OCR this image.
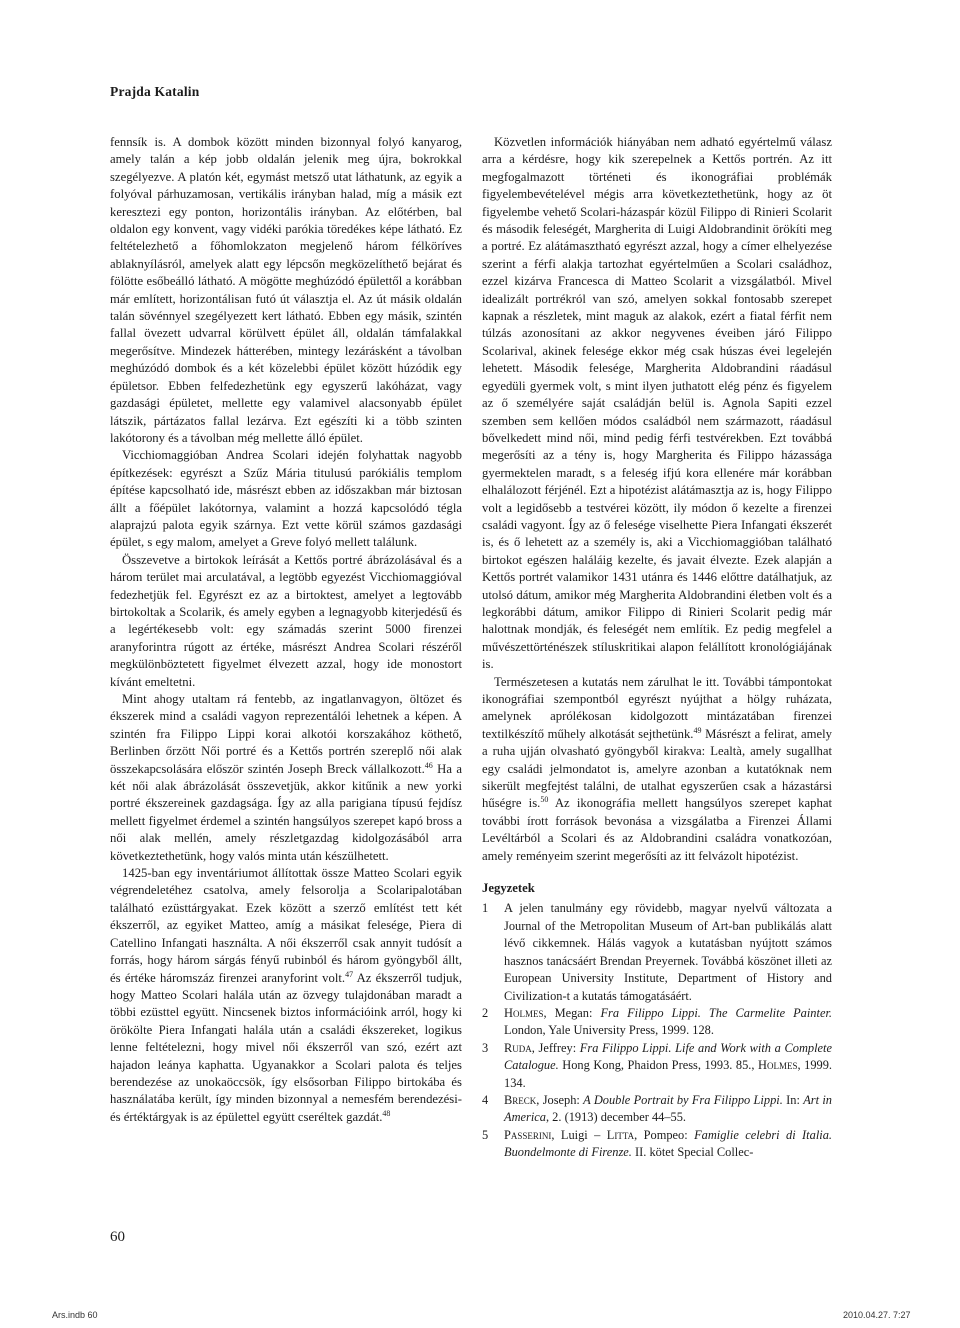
Prajda Katalin

fennsík is. A dombok között minden bizonnyal folyó kanyarog, amely talán a kép jobb oldalán jelenik meg újra, bokrokkal szegélyezve. A platón két, egymást metsző utat láthatunk, az egyik a folyóval párhuzamosan, vertikális irányban halad, míg a másik ezt keresztezi egy ponton, horizontális irányban. Az előtérben, bal oldalon egy konvent, vagy vidéki parókia töredékes képe látható. Ez feltételezhető a főhomlokzaton megjelenő három félköríves ablaknyílásról, amelyek alatt egy lépcsőn megközelíthető bejárat és fölötte esőbeálló látható. A mögötte meghúzódó épülettől a korábban már említett, horizontálisan futó út választja el. Az út másik oldalán talán sövénnyel szegélyezett kert látható. Ebben egy másik, szintén fallal övezett udvarral körülvett épület áll, oldalán támfalakkal megerősítve. Mindezek hátterében, mintegy lezárásként a távolban meghúzódó dombok és a két közelebbi épület között húzódik egy épületsor. Ebben felfedezhetünk egy egyszerű lakóházat, vagy gazdasági épületet, mellette egy valamivel alacsonyabb épület látszik, pártázatos fallal lezárva. Ezt egészíti ki a több szinten lakótorony és a távolban még mellette álló épület.

Vicchiomaggióban Andrea Scolari idején folyhattak nagyobb építkezések: egyrészt a Szűz Mária titulusú parókiális templom építése kapcsolható ide, másrészt ebben az időszakban már biztosan állt a főépület lakótornya, valamint a hozzá kapcsolódó tégla alaprajzú palota egyik szárnya. Ezt vette körül számos gazdasági épület, s egy malom, amelyet a Greve folyó mellett találunk.

Összevetve a birtokok leírását a Kettős portré ábrázolásával és a három terület mai arculatával, a legtöbb egyezést Vicchiomaggióval fedezhetjük fel. Egyrészt ez az a birtoktest, amelyet a legtovább birtokoltak a Scolarik, és amely egyben a legnagyobb kiterjedésű és a legértékesebb volt: egy számadás szerint 5000 firenzei aranyforintra rúgott az értéke, másrészt Andrea Scolari részéről megkülönböztetett figyelmet élvezett azzal, hogy ide monostort kívánt emeltetni.

Mint ahogy utaltam rá fentebb, az ingatlanvagyon, öltözet és ékszerek mind a családi vagyon reprezentálói lehetnek a képen. A szintén fra Filippo Lippi korai alkotói korszakához köthető, Berlinben őrzött Női portré és a Kettős portrén szereplő női alak összekapcsolására először szintén Joseph Breck vállalkozott.$^{46}$ Ha a két női alak ábrázolását összevetjük, akkor kitűnik a new yorki portré ékszereinek gazdagsága. Így az alla parigiana típusú fejdísz mellett figyelmet érdemel a szintén hangsúlyos szerepet kapó bross a női alak mellén, amely részletgazdag kidolgozásából arra következtethetünk, hogy valós minta után készülhetett.

1425-ban egy inventáriumot állítottak össze Matteo Scolari egyik végrendeletéhez csatolva, amely felsorolja a Scolaripalotában található ezüsttárgyakat. Ezek között a szerző említést tett két ékszerről, az egyiket Matteo, amíg a másikat felesége, Piera di Catellino Infangati használta. A női ékszerről csak annyit tudósít a forrás, hogy három sárgás fényű rubinból és három gyöngyből állt, és értéke háromszáz firenzei aranyforint volt.$^{47}$ Az ékszerről tudjuk, hogy Matteo Scolari halála után az özvegy tulajdonában maradt a többi ezüsttel együtt. Nincsenek biztos információink arról, hogy ki örökölte Piera Infangati halála után a családi ékszereket, logikus lenne feltételezni, hogy mivel női ékszerről van szó, ezért azt hajadon leánya kaphatta. Ugyanakkor a Scolari palota és teljes berendezése az unokaöccsök, így elsősorban Filippo birtokába és használatába került, így minden bizonnyal a nemesfém berendezési- és értéktárgyak is az épülettel együtt cseréltek gazdát.$^{48}$

Közvetlen információk hiányában nem adható egyértelmű válasz arra a kérdésre, hogy kik szerepelnek a Kettős portrén. Az itt megfogalmazott történeti és ikonográfiai problémák figyelembevételével mégis arra következtethetünk, hogy az öt figyelembe vehető Scolari-házaspár közül Filippo di Rinieri Scolarit és második feleségét, Margherita di Luigi Aldobrandinit örökíti meg a portré. Ez alátámasztható egyrészt azzal, hogy a címer elhelyezése szerint a férfi alakja tartozhat egyértelműen a Scolari családhoz, ezzel kizárva Francesca di Matteo Scolarit a vizsgálatból. Mivel idealizált portrékról van szó, amelyen sokkal fontosabb szerepet kapnak a részletek, mint maguk az alakok, ezért a fiatal férfit nem túlzás azonosítani az akkor negyvenes éveiben járó Filippo Scolarival, akinek felesége ekkor még csak húszas évei legelején lehetett. Második felesége, Margherita Aldobrandini ráadásul egyedüli gyermek volt, s mint ilyen juthatott elég pénz és figyelem az ő személyére saját családján belül is. Agnola Sapiti ezzel szemben sem kellően módos családból nem származott, ráadásul bővelkedett mind női, mind pedig férfi testvérekben. Ezt továbbá megerősíti az a tény is, hogy Margherita és Filippo házassága gyermektelen maradt, s a feleség ifjú kora ellenére már korábban elhalálozott férjénél. Ezt a hipotézist alátámasztja az is, hogy Filippo volt a legidősebb a testvérei között, ily módon ő kezelte a firenzei családi vagyont. Így az ő felesége viselhette Piera Infangati ékszerét is, és ő lehetett az a személy is, aki a Vicchiomaggióban található birtokot egészen haláláig kezelte, és javait élvezte. Ezek alapján a Kettős portrét valamikor 1431 utánra és 1446 előttre datálhatjuk, az utolsó dátum, amikor még Margherita Aldobrandini életben volt és a legkorábbi dátum, amikor Filippo di Rinieri Scolarit pedig már halottnak mondják, és feleségét nem említik. Ez pedig megfelel a művészettörténészek stíluskritikai alapon felállított kronológiájának is.

Természetesen a kutatás nem zárulhat le itt. További támpontokat ikonográfiai szempontból egyrészt nyújthat a hölgy ruházata, amelynek aprólékosan kidolgozott mintázatában firenzei textilkészítő műhely alkotását sejthetünk.$^{49}$ Másrészt a felirat, amely a ruha ujján olvasható gyöngyből kirakva: Lealtà, amely sugallhat egy családi jelmondatot is, amelyre azonban a kutatóknak nem sikerült megfejtést találni, de utalhat egyszerűen csak a házastársi hűségre is.$^{50}$ Az ikonográfia mellett hangsúlyos szerepet kaphat további írott források bevonása a vizsgálatba a Firenzei Állami Levéltárból a Scolari és az Aldobrandini családra vonatkozóan, amely reményeim szerint megerősíti az itt felvázolt hipotézist.

Jegyzetek
1	A jelen tanulmány egy rövidebb, magyar nyelvű változata a Journal of the Metropolitan Museum of Art-ban publikálás alatt lévő cikkemnek. Hálás vagyok a kutatásban nyújtott számos hasznos tanácsáért Brendan Preyernek. Továbbá köszönet illeti az European University Institute, Department of History and Civilization-t a kutatás támogatásáért.
2	Holmes, Megan: Fra Filippo Lippi. The Carmelite Painter. London, Yale University Press, 1999. 128.
3	Ruda, Jeffrey: Fra Filippo Lippi. Life and Work with a Complete Catalogue. Hong Kong, Phaidon Press, 1993. 85., Holmes, 1999. 134.
4	Breck, Joseph: A Double Portrait by Fra Filippo Lippi. In: Art in America, 2. (1913) december 44–55.
5	Passerini, Luigi – Litta, Pompeo: Famiglie celebri di Italia. Buondelmonte di Firenze. II. kötet Special Collec-
60
Ars.indb 60	2010.04.27. 7:27
